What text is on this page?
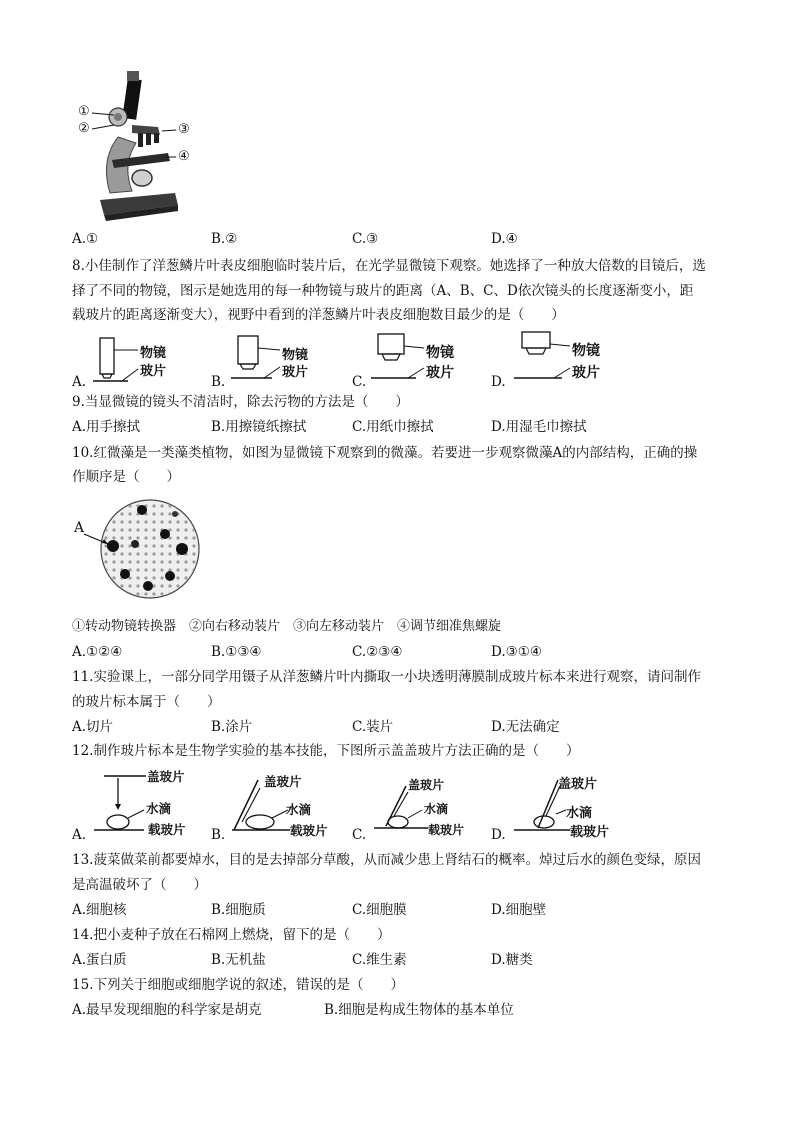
①
②	③
④
A.①	B.②	C.③	D.④
8.小佳制作了洋葱鳞片叶表皮细胞临时装片后，在光学显微镜下观察。她选择了一种放大倍数的目镜后，选
择了不同的物镜，图示是她选用的每一种物镜与玻片的距离（A、B、C、D依次镜头的长度逐渐变小，距
载玻片的距离逐渐变大），视野中看到的洋葱鳞片叶表皮细胞数目最少的是（　　）
A.
物镜
玻片
B.
物镜
玻片
C.
物镜
玻片
D.
物镜
玻片
9.当显微镜的镜头不清洁时，除去污物的方法是（　　）
A.用手擦拭	B.用擦镜纸擦拭	C.用纸巾擦拭	D.用湿毛巾擦拭
10.红微藻是一类藻类植物，如图为显微镜下观察到的微藻。若要进一步观察微藻A的内部结构，正确的操
作顺序是（　　）
A
①转动物镜转换器　②向右移动装片　③向左移动装片　④调节细准焦螺旋
A.①②④	B.①③④	C.②③④	D.③①④
11.实验课上，一部分同学用镊子从洋葱鳞片叶内撕取一小块透明薄膜制成玻片标本来进行观察，请问制作
的玻片标本属于（　　）
A.切片	B.涂片	C.装片	D.无法确定
12.制作玻片标本是生物学实验的基本技能，下图所示盖盖玻片方法正确的是（　　）
A.
盖玻片
水滴
载玻片 B.
盖玻片
水滴
载玻片 C.
盖玻片
水滴
载玻片 D.
盖玻片
水滴
载玻片
13.菠菜做菜前都要焯水，目的是去掉部分草酸，从而减少患上肾结石的概率。焯过后水的颜色变绿，原因
是高温破坏了（　　）
A.细胞核	B.细胞质	C.细胞膜	D.细胞壁
14.把小麦种子放在石棉网上燃烧，留下的是（　　）
A.蛋白质	B.无机盐	C.维生素	D.糖类
15.下列关于细胞或细胞学说的叙述，错误的是（　　）
A.最早发现细胞的科学家是胡克	B.细胞是构成生物体的基本单位
